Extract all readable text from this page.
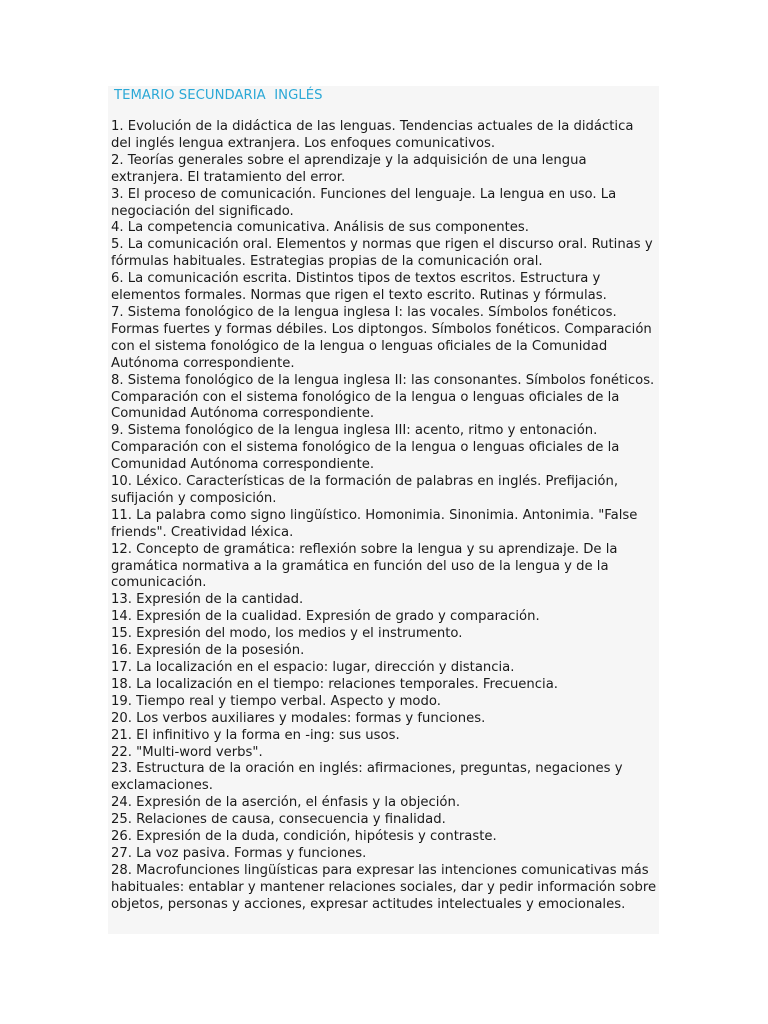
TEMARIO SECUNDARIA  INGLÉS
1. Evolución de la didáctica de las lenguas. Tendencias actuales de la didáctica del inglés lengua extranjera. Los enfoques comunicativos.
2. Teorías generales sobre el aprendizaje y la adquisición de una lengua extranjera. El tratamiento del error.
3. El proceso de comunicación. Funciones del lenguaje. La lengua en uso. La negociación del significado.
4. La competencia comunicativa. Análisis de sus componentes.
5. La comunicación oral. Elementos y normas que rigen el discurso oral. Rutinas y fórmulas habituales. Estrategias propias de la comunicación oral.
6. La comunicación escrita. Distintos tipos de textos escritos. Estructura y elementos formales. Normas que rigen el texto escrito. Rutinas y fórmulas.
7. Sistema fonológico de la lengua inglesa I: las vocales. Símbolos fonéticos. Formas fuertes y formas débiles. Los diptongos. Símbolos fonéticos. Comparación con el sistema fonológico de la lengua o lenguas oficiales de la Comunidad Autónoma correspondiente.
8. Sistema fonológico de la lengua inglesa II: las consonantes. Símbolos fonéticos. Comparación con el sistema fonológico de la lengua o lenguas oficiales de la Comunidad Autónoma correspondiente.
9. Sistema fonológico de la lengua inglesa III: acento, ritmo y entonación. Comparación con el sistema fonológico de la lengua o lenguas oficiales de la Comunidad Autónoma correspondiente.
10. Léxico. Características de la formación de palabras en inglés. Prefijación, sufijación y composición.
11. La palabra como signo lingüístico. Homonimia. Sinonimia. Antonimia. "False friends". Creatividad léxica.
12. Concepto de gramática: reflexión sobre la lengua y su aprendizaje. De la gramática normativa a la gramática en función del uso de la lengua y de la comunicación.
13. Expresión de la cantidad.
14. Expresión de la cualidad. Expresión de grado y comparación.
15. Expresión del modo, los medios y el instrumento.
16. Expresión de la posesión.
17. La localización en el espacio: lugar, dirección y distancia.
18. La localización en el tiempo: relaciones temporales. Frecuencia.
19. Tiempo real y tiempo verbal. Aspecto y modo.
20. Los verbos auxiliares y modales: formas y funciones.
21. El infinitivo y la forma en -ing: sus usos.
22. "Multi-word verbs".
23. Estructura de la oración en inglés: afirmaciones, preguntas, negaciones y exclamaciones.
24. Expresión de la aserción, el énfasis y la objeción.
25. Relaciones de causa, consecuencia y finalidad.
26. Expresión de la duda, condición, hipótesis y contraste.
27. La voz pasiva. Formas y funciones.
28. Macrofunciones lingüísticas para expresar las intenciones comunicativas más habituales: entablar y mantener relaciones sociales, dar y pedir información sobre objetos, personas y acciones, expresar actitudes intelectuales y emocionales.
